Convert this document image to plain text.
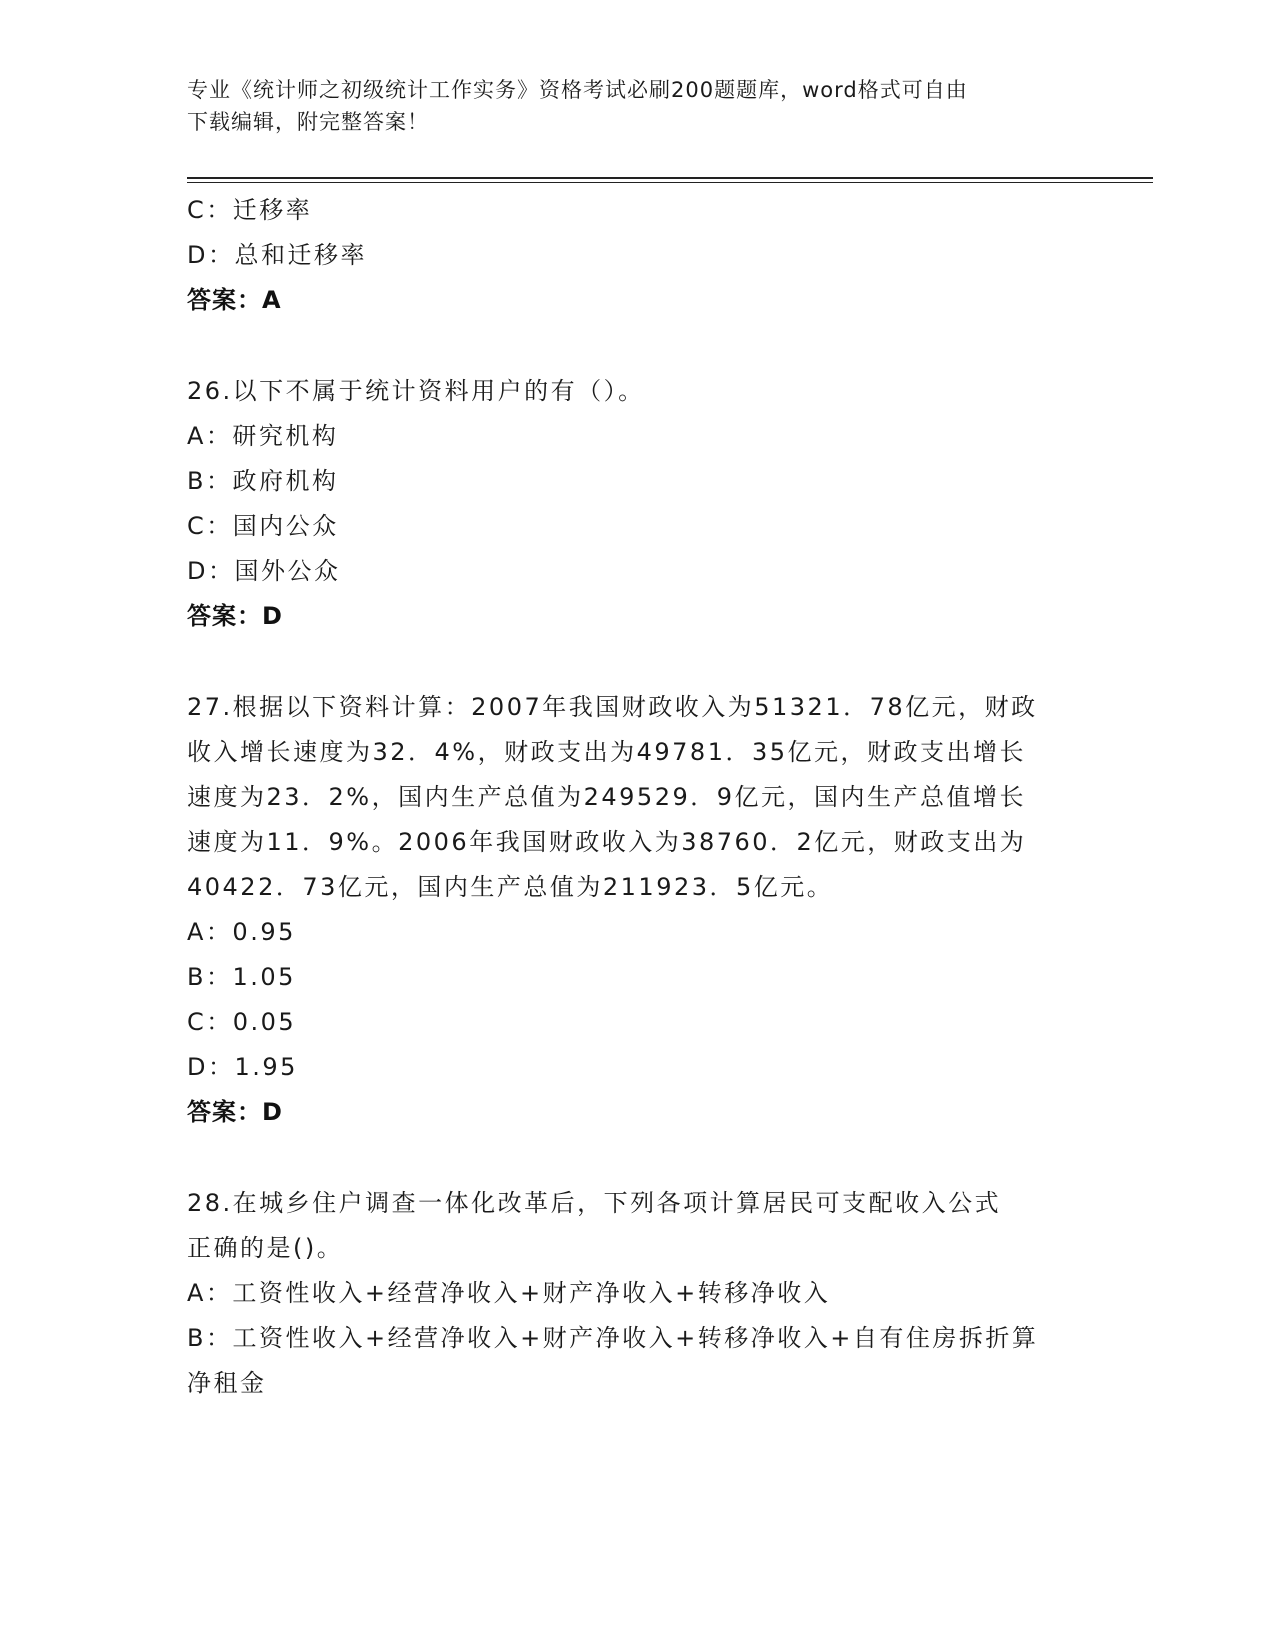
专业《统计师之初级统计工作实务》资格考试必刷200题题库，word格式可自由
下载编辑，附完整答案！
C：迁移率
D：总和迁移率
答案：A
26.以下不属于统计资料用户的有（）。
A：研究机构
B：政府机构
C：国内公众
D：国外公众
答案：D
27.根据以下资料计算：2007年我国财政收入为51321．78亿元，财政
收入增长速度为32．4%，财政支出为49781．35亿元，财政支出增长
速度为23．2%，国内生产总值为249529．9亿元，国内生产总值增长
速度为11．9%。2006年我国财政收入为38760．2亿元，财政支出为
40422．73亿元，国内生产总值为211923．5亿元。
A：0.95
B：1.05
C：0.05
D：1.95
答案：D
28.在城乡住户调查一体化改革后，下列各项计算居民可支配收入公式
正确的是()。
A：工资性收入+经营净收入+财产净收入+转移净收入
B：工资性收入+经营净收入+财产净收入+转移净收入+自有住房拆折算
净租金
